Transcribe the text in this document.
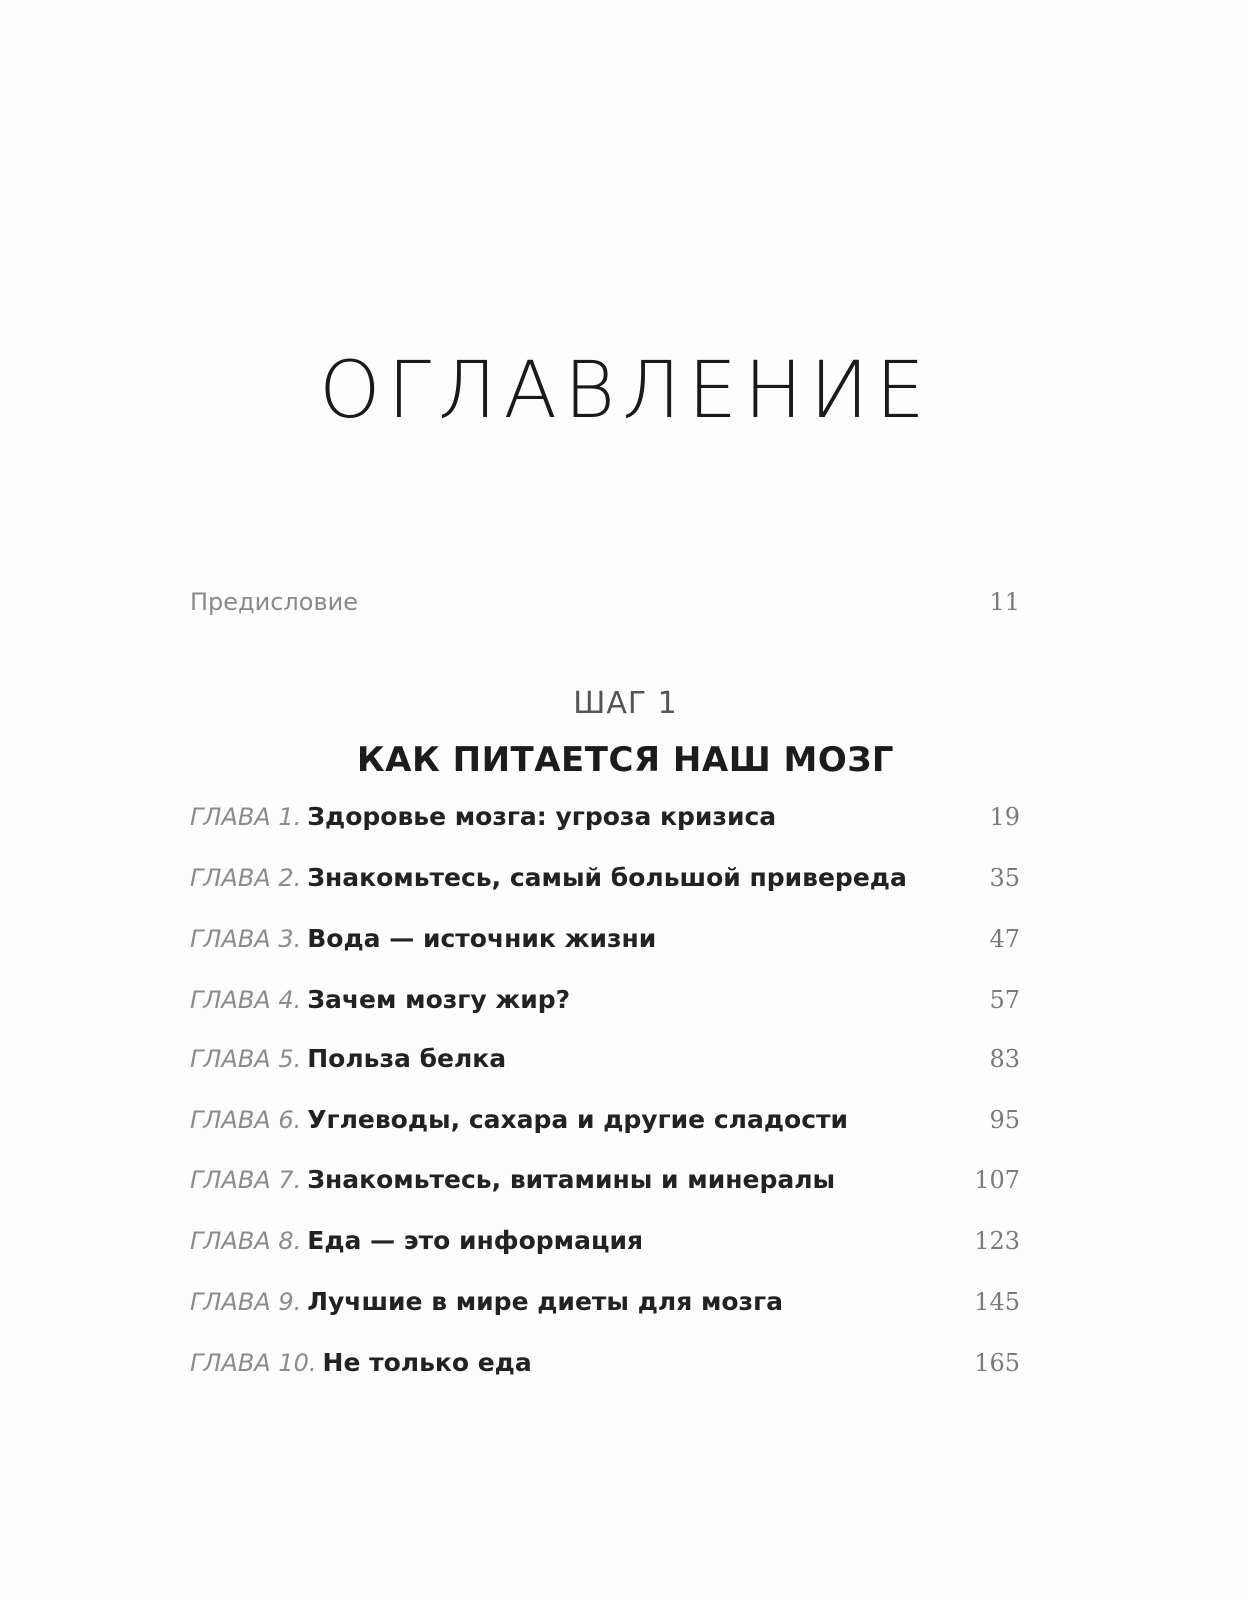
ОГЛАВЛЕНИЕ
Предисловие	11
ШАГ 1
КАК ПИТАЕТСЯ НАШ МОЗГ
ГЛАВА 1. Здоровье мозга: угроза кризиса	19
ГЛАВА 2. Знакомьтесь, самый большой привереда	35
ГЛАВА 3. Вода — источник жизни	47
ГЛАВА 4. Зачем мозгу жир?	57
ГЛАВА 5. Польза белка	83
ГЛАВА 6. Углеводы, сахара и другие сладости	95
ГЛАВА 7. Знакомьтесь, витамины и минералы	107
ГЛАВА 8. Еда — это информация	123
ГЛАВА 9. Лучшие в мире диеты для мозга	145
ГЛАВА 10. Не только еда	165
